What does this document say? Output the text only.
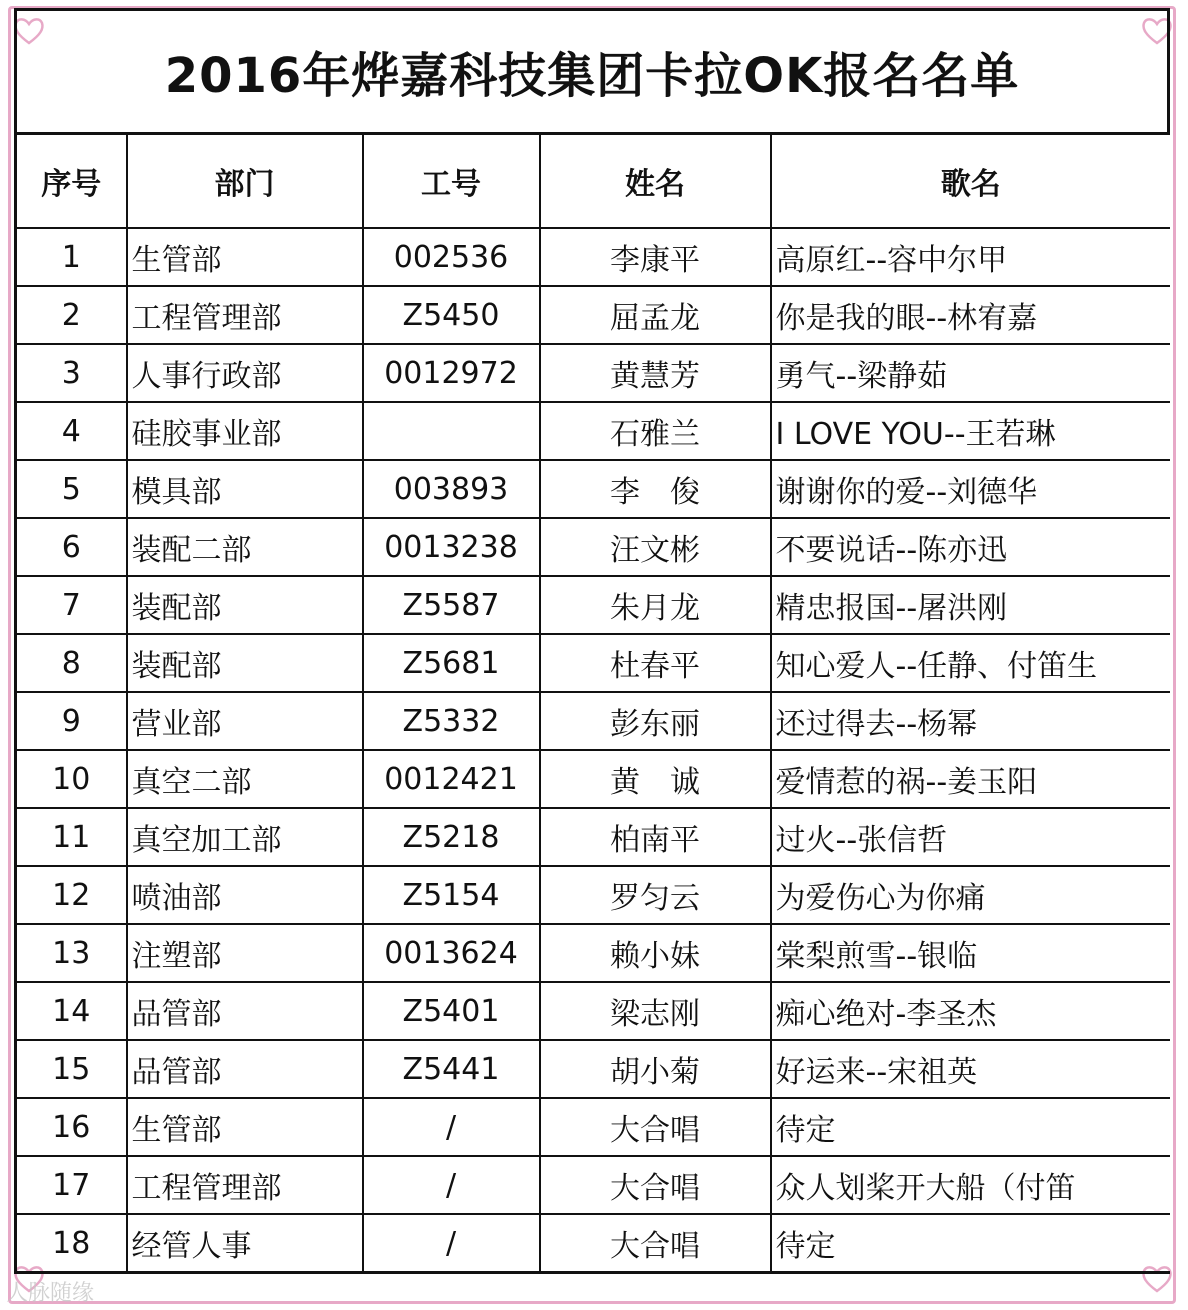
2016年烨嘉科技集团卡拉OK报名名单
序号	部门	工号	姓名	歌名
1	生管部	002536	李康平	高原红--容中尔甲
2	工程管理部	Z5450	屈孟龙	你是我的眼--林宥嘉
3	人事行政部	0012972	黄慧芳	勇气--梁静茹
4	硅胶事业部		石雅兰	I LOVE YOU--王若琳
5	模具部	003893	李　俊	谢谢你的爱--刘德华
6	装配二部	0013238	汪文彬	不要说话--陈亦迅
7	装配部	Z5587	朱月龙	精忠报国--屠洪刚
8	装配部	Z5681	杜春平	知心爱人--任静、付笛生
9	营业部	Z5332	彭东丽	还过得去--杨幂
10	真空二部	0012421	黄　诚	爱情惹的祸--姜玉阳
11	真空加工部	Z5218	柏南平	过火--张信哲
12	喷油部	Z5154	罗匀云	为爱伤心为你痛
13	注塑部	0013624	赖小妹	棠梨煎雪--银临
14	品管部	Z5401	梁志刚	痴心绝对-李圣杰
15	品管部	Z5441	胡小菊	好运来--宋祖英
16	生管部	/	大合唱	待定
17	工程管理部	/	大合唱	众人划桨开大船（付笛
18	经管人事	/	大合唱	待定
人脉随缘
